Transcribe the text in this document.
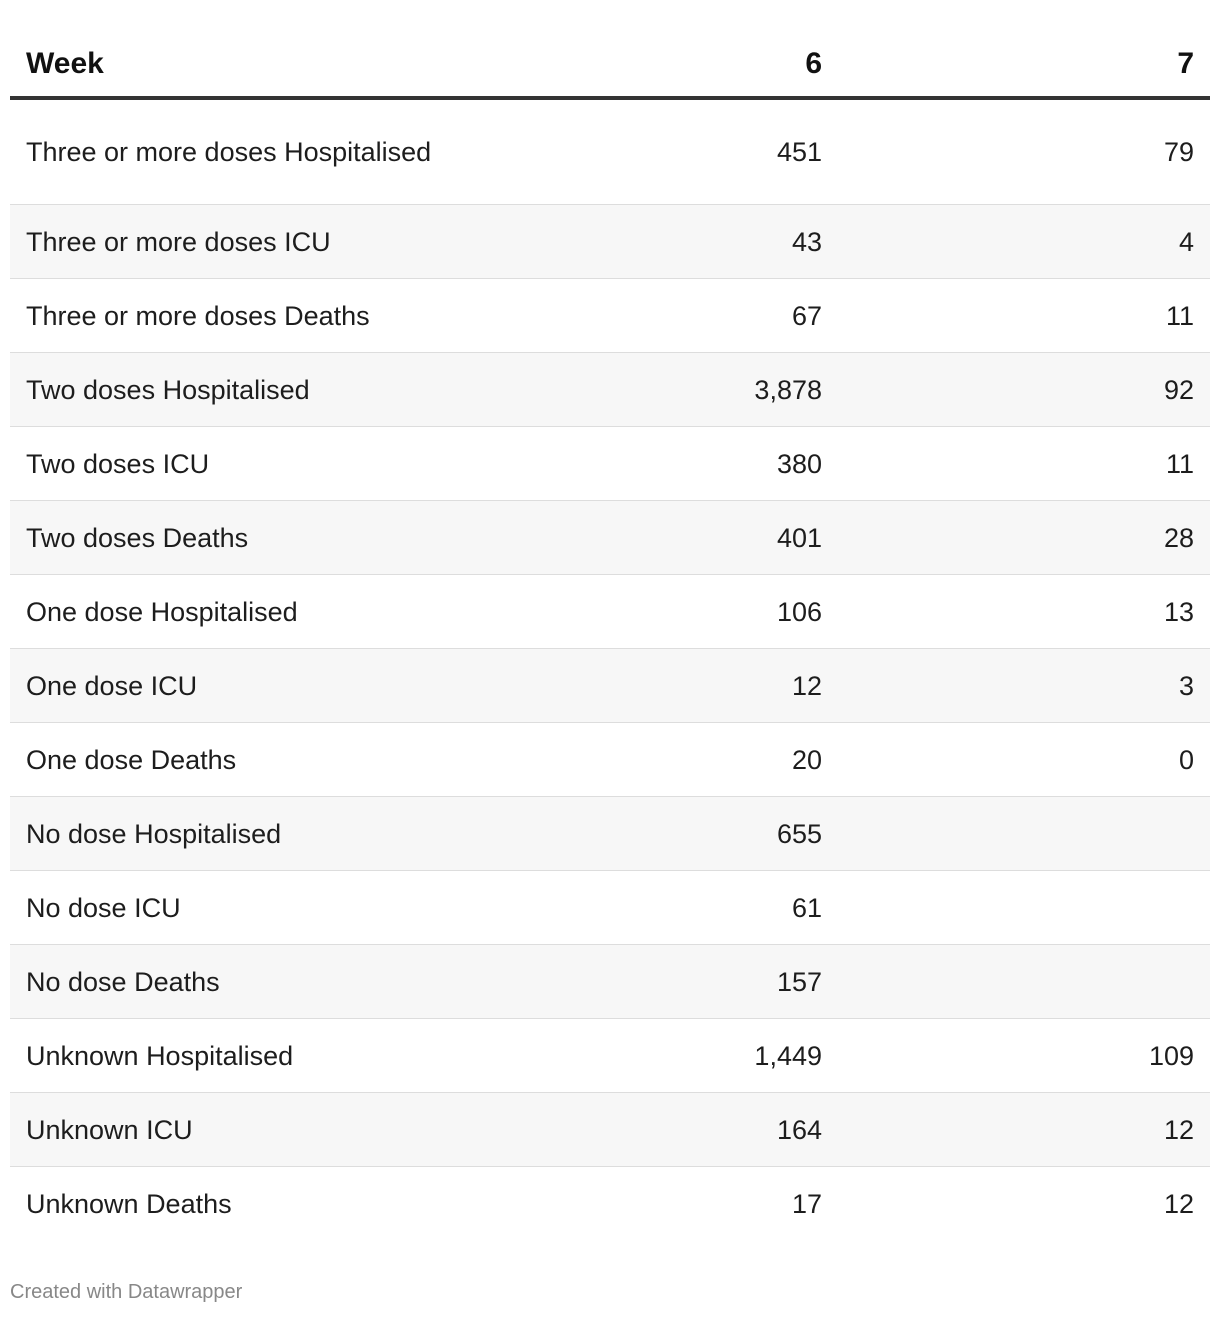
Week	6	7
Three or more doses Hospitalised	451	79
Three or more doses ICU	43	4
Three or more doses Deaths	67	11
Two doses Hospitalised	3,878	92
Two doses ICU	380	11
Two doses Deaths	401	28
One dose Hospitalised	106	13
One dose ICU	12	3
One dose Deaths	20	0
No dose Hospitalised	655	
No dose ICU	61	
No dose Deaths	157	
Unknown Hospitalised	1,449	109
Unknown ICU	164	12
Unknown Deaths	17	12
Created with Datawrapper
